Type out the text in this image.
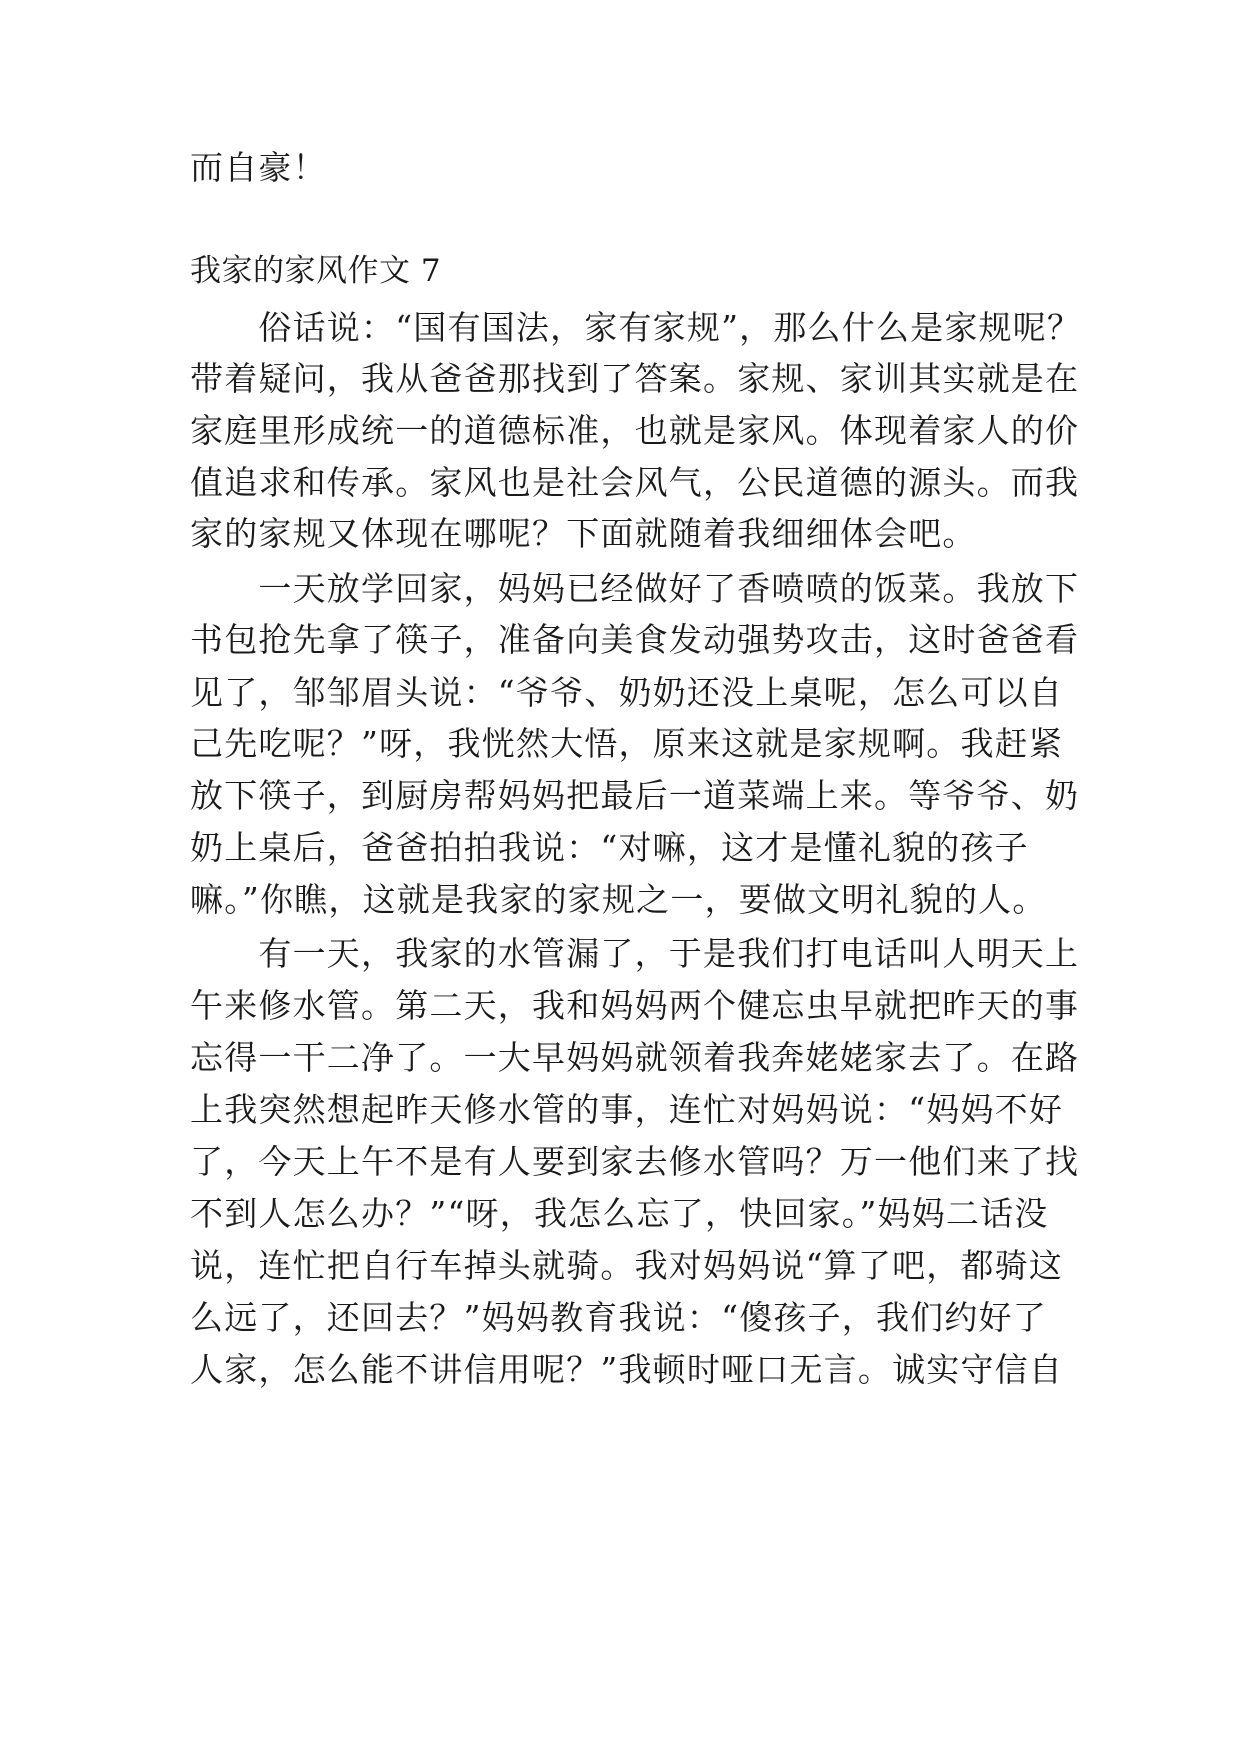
而自豪！
我家的家风作文 7
　　俗话说：“国有国法，家有家规”，那么什么是家规呢？
带着疑问，我从爸爸那找到了答案。家规、家训其实就是在
家庭里形成统一的道德标准，也就是家风。体现着家人的价
值追求和传承。家风也是社会风气，公民道德的源头。而我
家的家规又体现在哪呢？下面就随着我细细体会吧。
　　一天放学回家，妈妈已经做好了香喷喷的饭菜。我放下
书包抢先拿了筷子，准备向美食发动强势攻击，这时爸爸看
见了，邹邹眉头说：“爷爷、奶奶还没上桌呢，怎么可以自
己先吃呢？”呀，我恍然大悟，原来这就是家规啊。我赶紧
放下筷子，到厨房帮妈妈把最后一道菜端上来。等爷爷、奶
奶上桌后，爸爸拍拍我说：“对嘛，这才是懂礼貌的孩子
嘛。”你瞧，这就是我家的家规之一，要做文明礼貌的人。
　　有一天，我家的水管漏了，于是我们打电话叫人明天上
午来修水管。第二天，我和妈妈两个健忘虫早就把昨天的事
忘得一干二净了。一大早妈妈就领着我奔姥姥家去了。在路
上我突然想起昨天修水管的事，连忙对妈妈说：“妈妈不好
了，今天上午不是有人要到家去修水管吗？万一他们来了找
不到人怎么办？”“呀，我怎么忘了，快回家。”妈妈二话没
说，连忙把自行车掉头就骑。我对妈妈说“算了吧，都骑这
么远了，还回去？”妈妈教育我说：“傻孩子，我们约好了
人家，怎么能不讲信用呢？”我顿时哑口无言。诚实守信自
